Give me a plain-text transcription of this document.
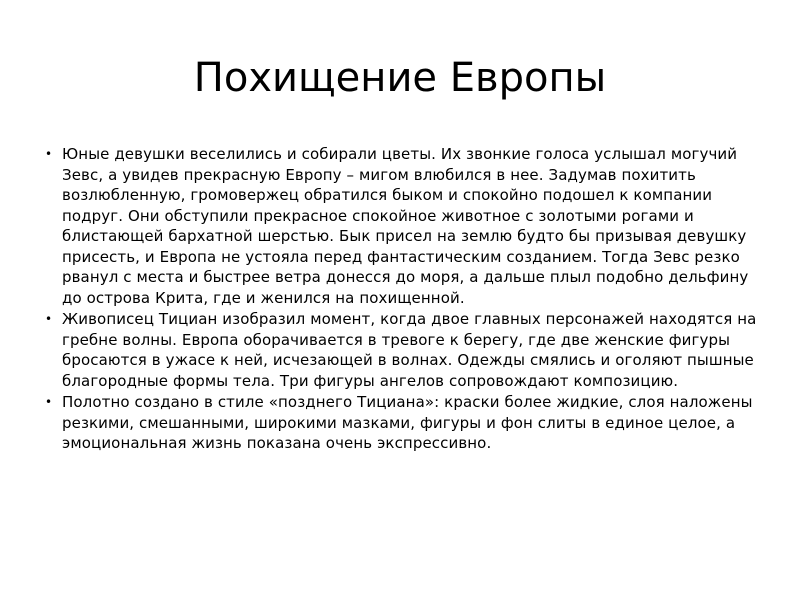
Похищение Европы
• Юные девушки веселились и собирали цветы. Их звонкие голоса услышал могучий Зевс, а увидев прекрасную Европу – мигом влюбился в нее. Задумав похитить возлюбленную, громовержец обратился быком и спокойно подошел к компании подруг. Они обступили прекрасное спокойное животное с золотыми рогами и блистающей бархатной шерстью. Бык присел на землю будто бы призывая девушку присесть, и Европа не устояла перед фантастическим созданием. Тогда Зевс резко рванул с места и быстрее ветра донесся до моря, а дальше плыл подобно дельфину до острова Крита, где и женился на похищенной.
• Живописец Тициан изобразил момент, когда двое главных персонажей находятся на гребне волны. Европа оборачивается в тревоге к берегу, где две женские фигуры бросаются в ужасе к ней, исчезающей в волнах. Одежды смялись и оголяют пышные благородные формы тела. Три фигуры ангелов сопровождают композицию.
• Полотно создано в стиле «позднего Тициана»: краски более жидкие, слоя наложены резкими, смешанными, широкими мазками, фигуры и фон слиты в единое целое, а эмоциональная жизнь показана очень экспрессивно.
